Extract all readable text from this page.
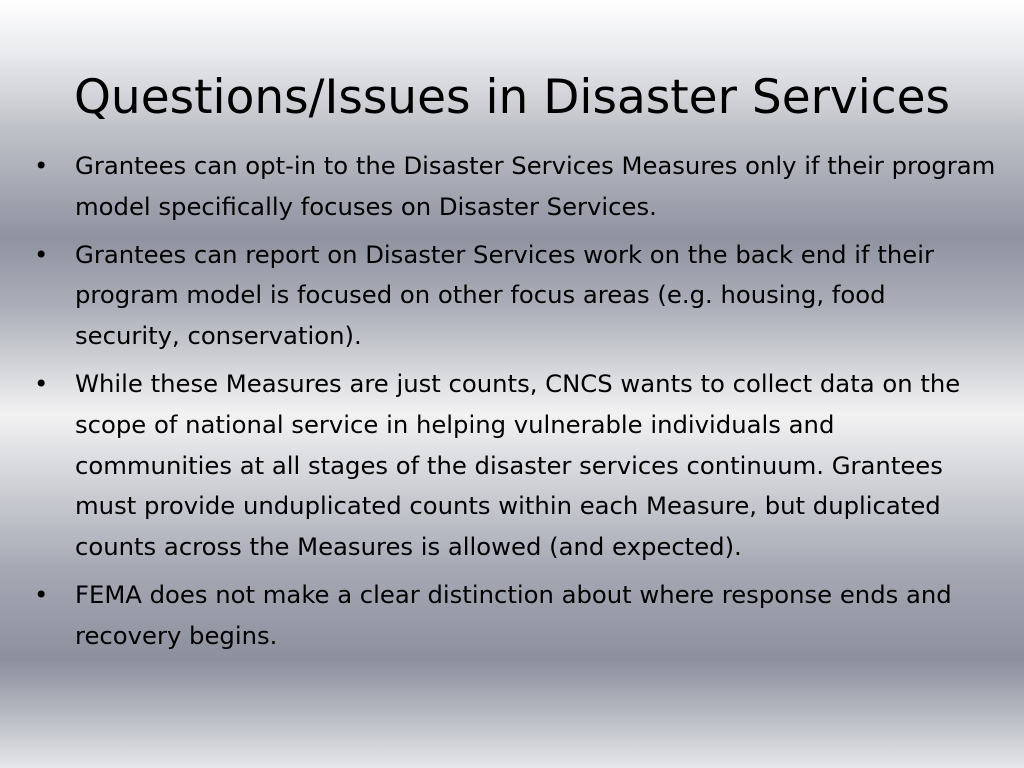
Questions/Issues in Disaster Services
• Grantees can opt-in to the Disaster Services Measures only if their program model specifically focuses on Disaster Services.
• Grantees can report on Disaster Services work on the back end if their program model is focused on other focus areas (e.g. housing, food security, conservation).
• While these Measures are just counts, CNCS wants to collect data on the scope of national service in helping vulnerable individuals and communities at all stages of the disaster services continuum. Grantees must provide unduplicated counts within each Measure, but duplicated counts across the Measures is allowed (and expected).
• FEMA does not make a clear distinction about where response ends and recovery begins.
